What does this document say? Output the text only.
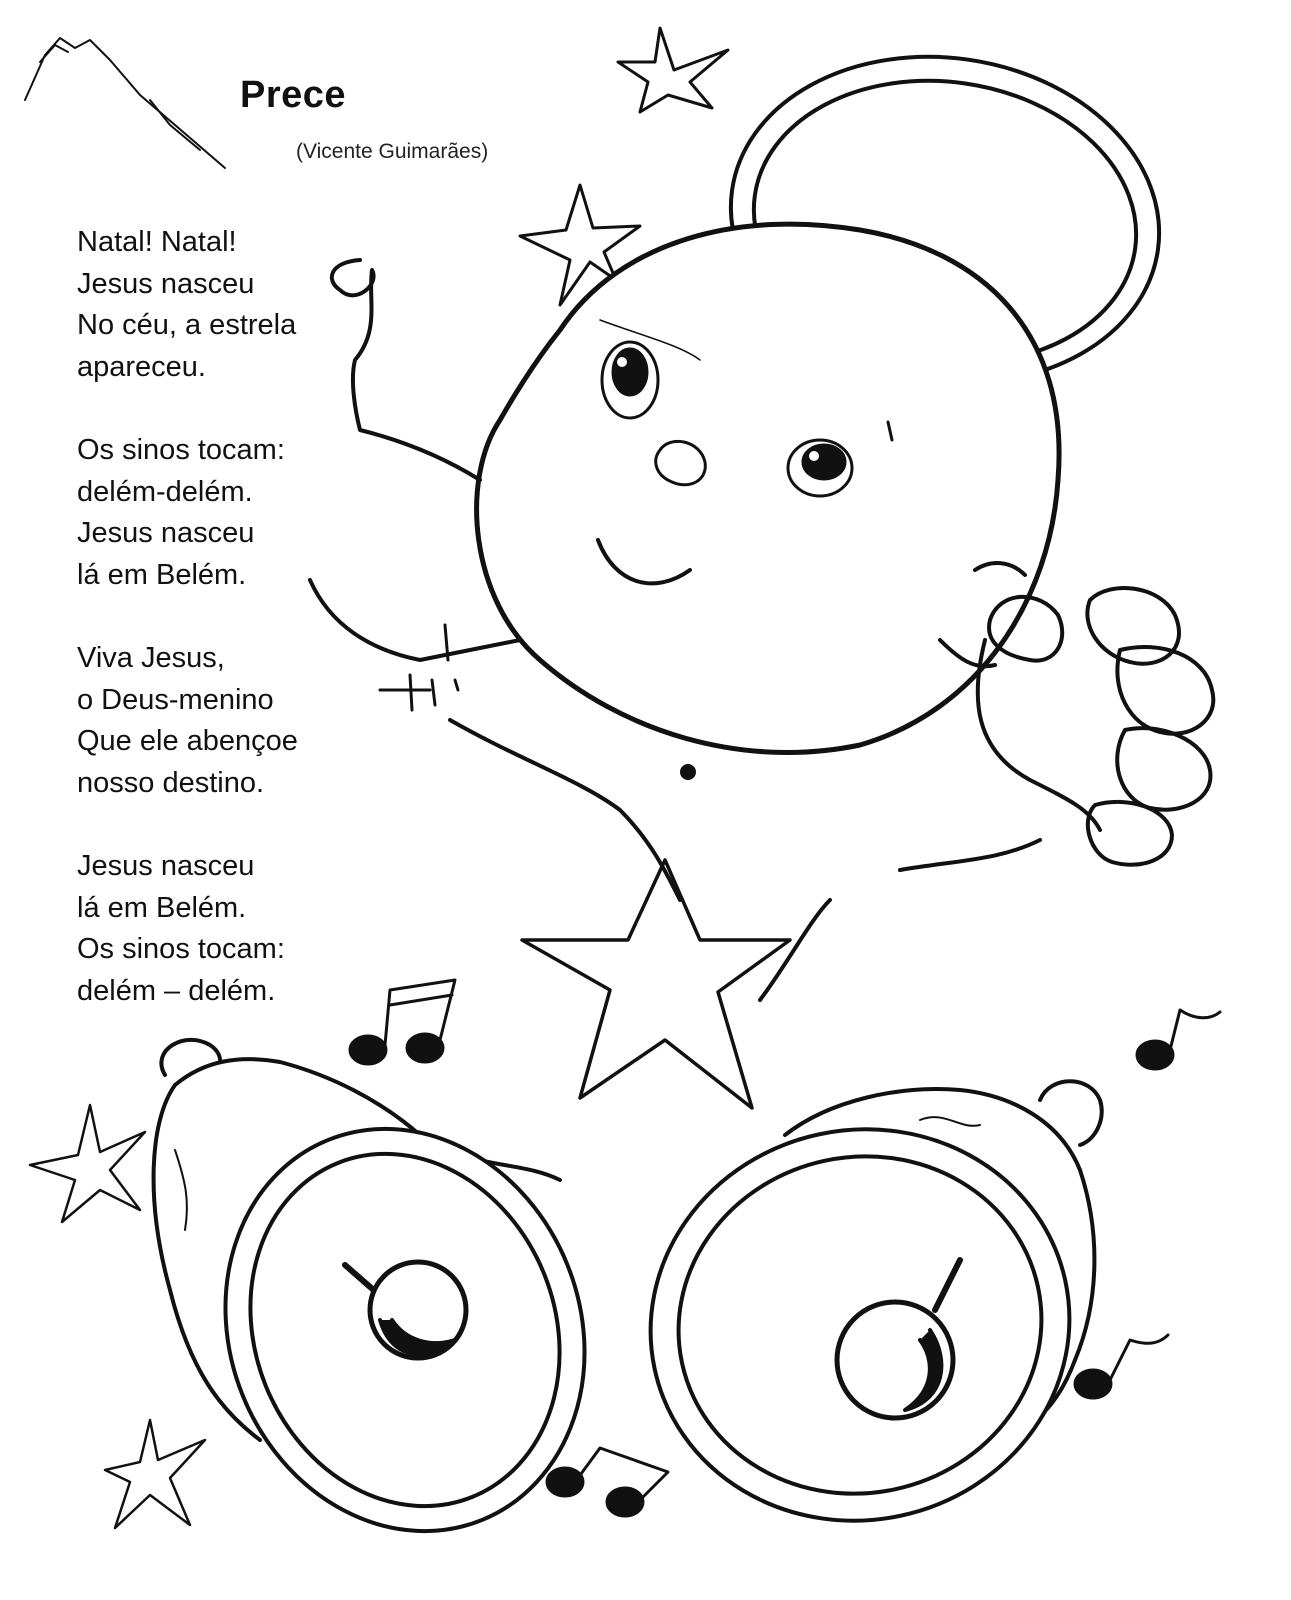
Prece
(Vicente Guimarães)
Natal! Natal!
Jesus nasceu
No céu, a estrela
apareceu.
Os sinos tocam:
delém-delém.
Jesus nasceu
lá em Belém.
Viva Jesus,
o Deus-menino
Que ele abençoe
nosso destino.
Jesus nasceu
lá em Belém.
Os sinos tocam:
delém – delém.
